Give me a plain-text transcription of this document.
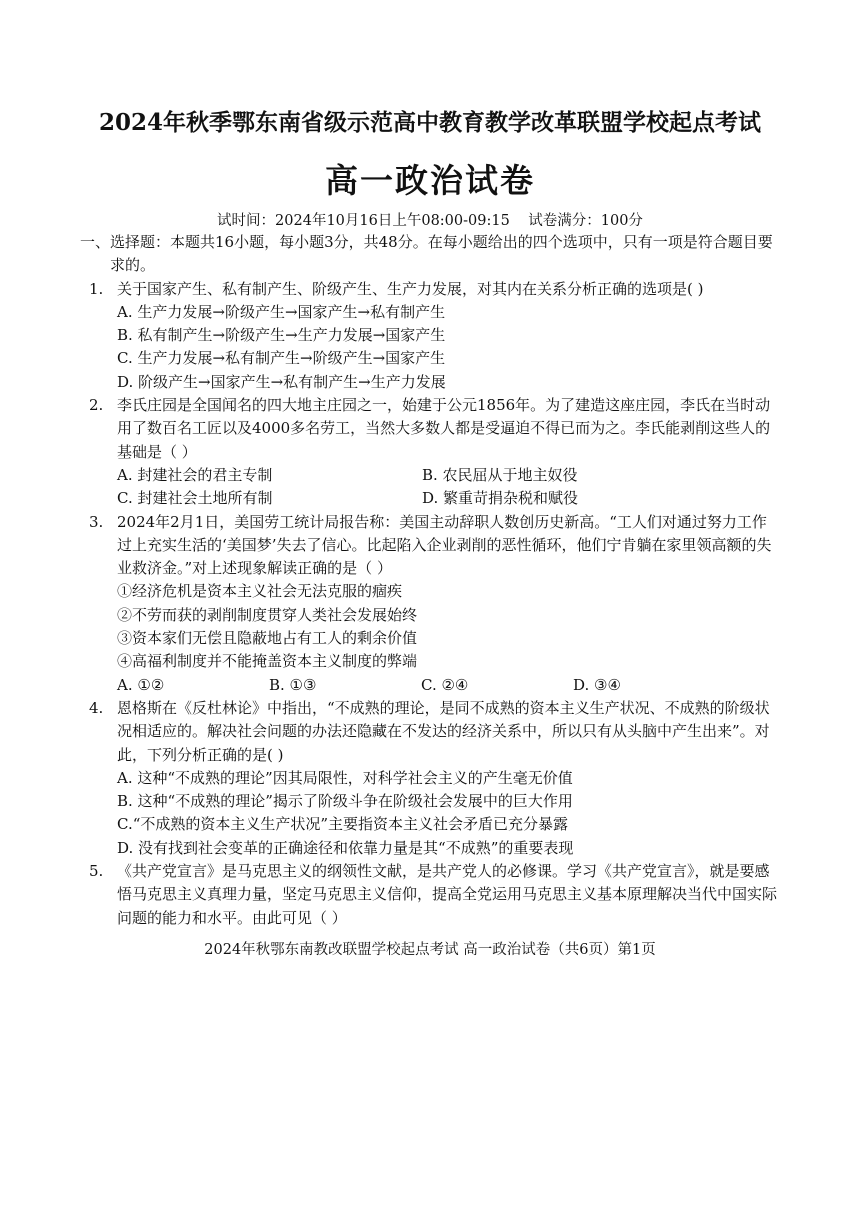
2024年秋季鄂东南省级示范高中教育教学改革联盟学校起点考试
高一政治试卷
试时间：2024年10月16日上午08:00-09:15    试卷满分：100分
一、选择题：本题共16小题，每小题3分，共48分。在每小题给出的四个选项中，只有一项是符合题目要求的。
1. 关于国家产生、私有制产生、阶级产生、生产力发展，对其内在关系分析正确的选项是( )
A. 生产力发展→阶级产生→国家产生→私有制产生
B. 私有制产生→阶级产生→生产力发展→国家产生
C. 生产力发展→私有制产生→阶级产生→国家产生
D. 阶级产生→国家产生→私有制产生→生产力发展
2. 李氏庄园是全国闻名的四大地主庄园之一，始建于公元1856年。为了建造这座庄园，李氏在当时动用了数百名工匠以及4000多名劳工，当然大多数人都是受逼迫不得已而为之。李氏能剥削这些人的基础是（ ）
A. 封建社会的君主专制	B. 农民屈从于地主奴役
C. 封建社会土地所有制	D. 繁重苛捐杂税和赋役
3. 2024年2月1日，美国劳工统计局报告称：美国主动辞职人数创历史新高。“工人们对通过努力工作过上充实生活的‘美国梦’失去了信心。比起陷入企业剥削的恶性循环，他们宁肯躺在家里领高额的失业救济金。”对上述现象解读正确的是（ ）
①经济危机是资本主义社会无法克服的痼疾
②不劳而获的剥削制度贯穿人类社会发展始终
③资本家们无偿且隐蔽地占有工人的剩余价值
④高福利制度并不能掩盖资本主义制度的弊端
A. ①②	B. ①③	C. ②④	D. ③④
4. 恩格斯在《反杜林论》中指出，“不成熟的理论，是同不成熟的资本主义生产状况、不成熟的阶级状况相适应的。解决社会问题的办法还隐藏在不发达的经济关系中，所以只有从头脑中产生出来”。对此，下列分析正确的是( )
A. 这种“不成熟的理论”因其局限性，对科学社会主义的产生毫无价值
B. 这种“不成熟的理论”揭示了阶级斗争在阶级社会发展中的巨大作用
C.“不成熟的资本主义生产状况”主要指资本主义社会矛盾已充分暴露
D. 没有找到社会变革的正确途径和依靠力量是其“不成熟”的重要表现
5. 《共产党宣言》是马克思主义的纲领性文献，是共产党人的必修课。学习《共产党宣言》，就是要感悟马克思主义真理力量，坚定马克思主义信仰，提高全党运用马克思主义基本原理解决当代中国实际问题的能力和水平。由此可见（ ）
2024年秋鄂东南教改联盟学校起点考试 高一政治试卷（共6页）第1页
